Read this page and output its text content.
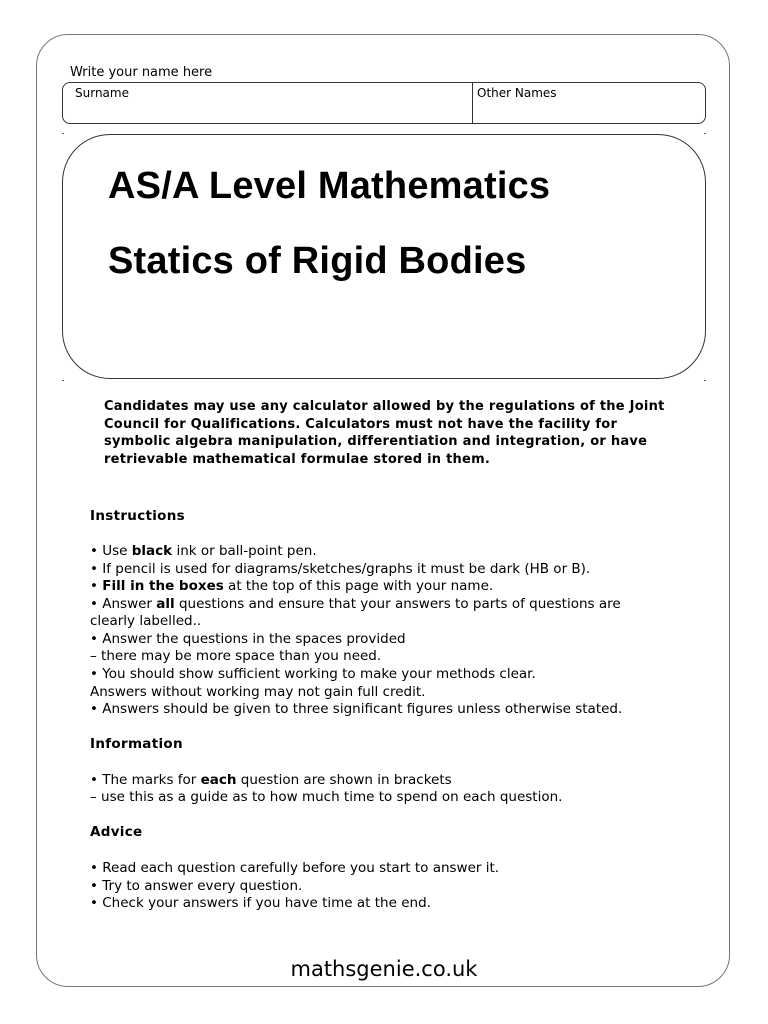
Write your name here
Surname	Other Names
AS/A Level Mathematics
Statics of Rigid Bodies
Candidates may use any calculator allowed by the regulations of the Joint Council for Qualifications. Calculators must not have the facility for symbolic algebra manipulation, differentiation and integration, or have retrievable mathematical formulae stored in them.
Instructions
• Use black ink or ball-point pen.
• If pencil is used for diagrams/sketches/graphs it must be dark (HB or B).
• Fill in the boxes at the top of this page with your name.
• Answer all questions and ensure that your answers to parts of questions are
clearly labelled..
• Answer the questions in the spaces provided
– there may be more space than you need.
• You should show sufficient working to make your methods clear.
Answers without working may not gain full credit.
• Answers should be given to three significant figures unless otherwise stated.
Information
• The marks for each question are shown in brackets
– use this as a guide as to how much time to spend on each question.
Advice
• Read each question carefully before you start to answer it.
• Try to answer every question.
• Check your answers if you have time at the end.
mathsgenie.co.uk
